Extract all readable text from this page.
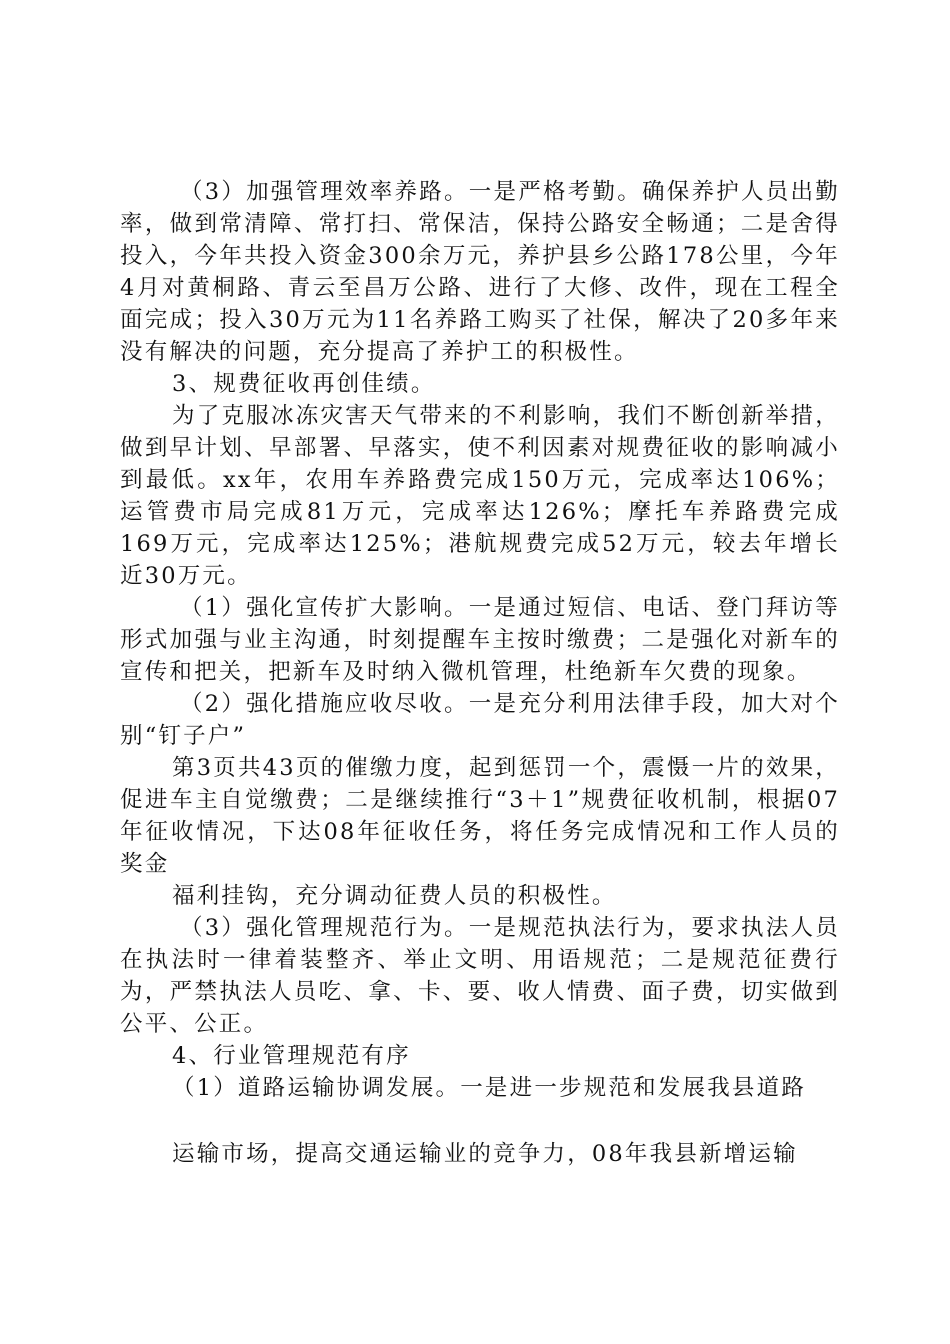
（3）加强管理效率养路。一是严格考勤。确保养护人员出勤率，做到常清障、常打扫、常保洁，保持公路安全畅通；二是舍得投入，今年共投入资金300余万元，养护县乡公路178公里，今年4月对黄桐路、青云至昌万公路、进行了大修、改件，现在工程全面完成；投入30万元为11名养路工购买了社保，解决了20多年来没有解决的问题，充分提高了养护工的积极性。

3、规费征收再创佳绩。

为了克服冰冻灾害天气带来的不利影响，我们不断创新举措，做到早计划、早部署、早落实，使不利因素对规费征收的影响减小到最低。xx年，农用车养路费完成150万元，完成率达106%；运管费市局完成81万元，完成率达126%；摩托车养路费完成169万元，完成率达125%；港航规费完成52万元，较去年增长近30万元。

（1）强化宣传扩大影响。一是通过短信、电话、登门拜访等形式加强与业主沟通，时刻提醒车主按时缴费；二是强化对新车的宣传和把关，把新车及时纳入微机管理，杜绝新车欠费的现象。

（2）强化措施应收尽收。一是充分利用法律手段，加大对个别“钉子户”

第3页共43页的催缴力度，起到惩罚一个，震慑一片的效果，促进车主自觉缴费；二是继续推行“3＋1”规费征收机制，根据07年征收情况，下达08年征收任务，将任务完成情况和工作人员的奖金

福利挂钩，充分调动征费人员的积极性。

（3）强化管理规范行为。一是规范执法行为，要求执法人员在执法时一律着装整齐、举止文明、用语规范；二是规范征费行为，严禁执法人员吃、拿、卡、要、收人情费、面子费，切实做到公平、公正。

4、行业管理规范有序

（1）道路运输协调发展。一是进一步规范和发展我县道路

运输市场，提高交通运输业的竞争力，08年我县新增运输
